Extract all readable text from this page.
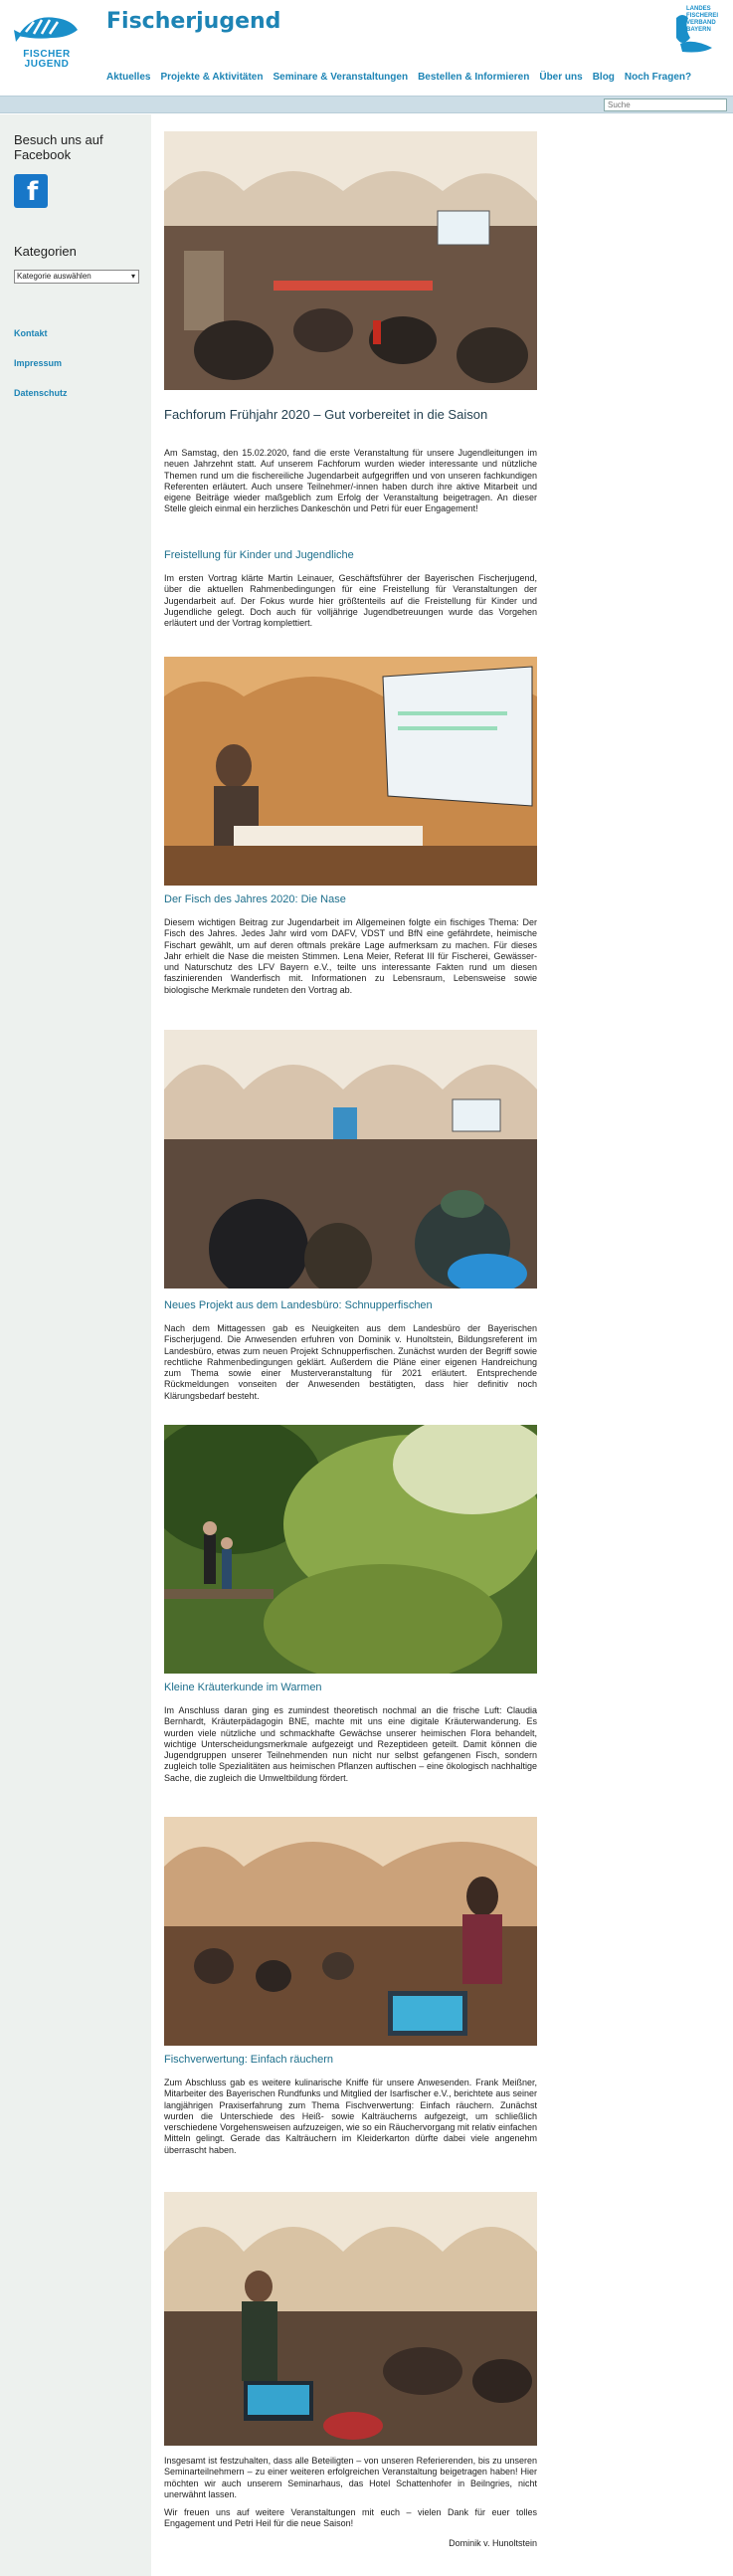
FISCHER
JUGEND
Fischerjugend	LANDES
FISCHEREI
VERBAND
BAYERN
Aktuelles Projekte & Aktivitäten Seminare & Veranstaltungen Bestellen & Informieren Über uns Blog Noch Fragen?
Suche
Besuch uns auf Facebook
f
Kategorien
Kategorie auswählen	▾
Kontakt
Impressum
Datenschutz
Fachforum Frühjahr 2020 – Gut vorbereitet in die Saison
Am Samstag, den 15.02.2020, fand die erste Veranstaltung für unsere Jugendleitungen im neuen Jahrzehnt statt. Auf unserem Fachforum wurden wieder interessante und nützliche Themen rund um die fischereiliche Jugendarbeit aufgegriffen und von unseren fachkundigen Referenten erläutert. Auch unsere Teilnehmer/-innen haben durch ihre aktive Mitarbeit und eigene Beiträge wieder maßgeblich zum Erfolg der Veranstaltung beigetragen. An dieser Stelle gleich einmal ein herzliches Dankeschön und Petri für euer Engagement!
Freistellung für Kinder und Jugendliche
Im ersten Vortrag klärte Martin Leinauer, Geschäftsführer der Bayerischen Fischerjugend, über die aktuellen Rahmenbedingungen für eine Freistellung für Veranstaltungen der Jugendarbeit auf. Der Fokus wurde hier größtenteils auf die Freistellung für Kinder und Jugendliche gelegt. Doch auch für volljährige Jugendbetreuungen wurde das Vorgehen erläutert und der Vortrag komplettiert.
Der Fisch des Jahres 2020: Die Nase
Diesem wichtigen Beitrag zur Jugendarbeit im Allgemeinen folgte ein fischiges Thema: Der Fisch des Jahres. Jedes Jahr wird vom DAFV, VDST und BfN eine gefährdete, heimische Fischart gewählt, um auf deren oftmals prekäre Lage aufmerksam zu machen. Für dieses Jahr erhielt die Nase die meisten Stimmen. Lena Meier, Referat III für Fischerei, Gewässer- und Naturschutz des LFV Bayern e.V., teilte uns interessante Fakten rund um diesen faszinierenden Wanderfisch mit. Informationen zu Lebensraum, Lebensweise sowie biologische Merkmale rundeten den Vortrag ab.
Neues Projekt aus dem Landesbüro: Schnupperfischen
Nach dem Mittagessen gab es Neuigkeiten aus dem Landesbüro der Bayerischen Fischerjugend. Die Anwesenden erfuhren von Dominik v. Hunoltstein, Bildungsreferent im Landesbüro, etwas zum neuen Projekt Schnupperfischen. Zunächst wurden der Begriff sowie rechtliche Rahmenbedingungen geklärt. Außerdem die Pläne einer eigenen Handreichung zum Thema sowie einer Musterveranstaltung für 2021 erläutert. Entsprechende Rückmeldungen vonseiten der Anwesenden bestätigten, dass hier definitiv noch Klärungsbedarf besteht.
Kleine Kräuterkunde im Warmen
Im Anschluss daran ging es zumindest theoretisch nochmal an die frische Luft: Claudia Bernhardt, Kräuterpädagogin BNE, machte mit uns eine digitale Kräuterwanderung. Es wurden viele nützliche und schmackhafte Gewächse unserer heimischen Flora behandelt, wichtige Unterscheidungsmerkmale aufgezeigt und Rezeptideen geteilt. Damit können die Jugendgruppen unserer Teilnehmenden nun nicht nur selbst gefangenen Fisch, sondern zugleich tolle Spezialitäten aus heimischen Pflanzen auftischen – eine ökologisch nachhaltige Sache, die zugleich die Umweltbildung fördert.
Fischverwertung: Einfach räuchern
Zum Abschluss gab es weitere kulinarische Kniffe für unsere Anwesenden. Frank Meißner, Mitarbeiter des Bayerischen Rundfunks und Mitglied der Isarfischer e.V., berichtete aus seiner langjährigen Praxiserfahrung zum Thema Fischverwertung: Einfach räuchern. Zunächst wurden die Unterschiede des Heiß- sowie Kalträucherns aufgezeigt, um schließlich verschiedene Vorgehensweisen aufzuzeigen, wie so ein Räuchervorgang mit relativ einfachen Mitteln gelingt. Gerade das Kalträuchern im Kleiderkarton dürfte dabei viele angenehm überrascht haben.
Insgesamt ist festzuhalten, dass alle Beteiligten – von unseren Referierenden, bis zu unseren Seminarteilnehmern – zu einer weiteren erfolgreichen Veranstaltung beigetragen haben! Hier möchten wir auch unserem Seminarhaus, das Hotel Schattenhofer in Beilngries, nicht unerwähnt lassen.
Wir freuen uns auf weitere Veranstaltungen mit euch – vielen Dank für euer tolles Engagement und Petri Heil für die neue Saison!
Dominik v. Hunoltstein
